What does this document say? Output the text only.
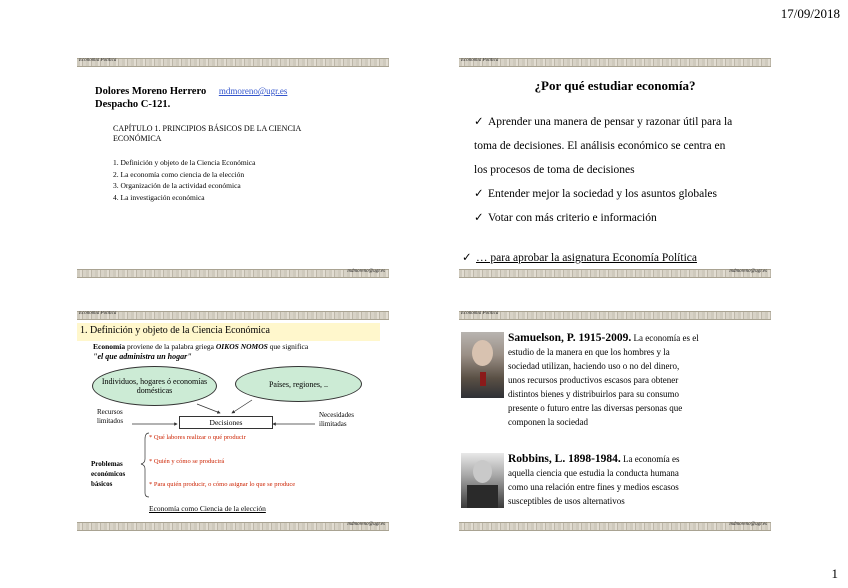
17/09/2018
1
Economía Política
Dolores Moreno Herrero mdmoreno@ugr.es
Despacho C-121.
CAPÍTULO 1. PRINCIPIOS BÁSICOS DE LA CIENCIA
ECONÓMICA
1. Definición y objeto de la Ciencia Económica
2. La economía como ciencia de la elección
3. Organización de la actividad económica
4. La investigación económica
mdmoreno@ugr.es
Economía Política
¿Por qué estudiar economía?
✓ Aprender una manera de pensar y razonar útil para la
toma de decisiones. El análisis económico se centra en
los procesos de toma de decisiones
✓ Entender mejor la sociedad y los asuntos globales
✓ Votar con más criterio e información
✓ … para aprobar la asignatura Economía Política
mdmoreno@ugr.es
Economía Política
1. Definición y objeto de la Ciencia Económica
Economía proviene de la palabra griega OIKOS NOMOS que significa
"el que administra un hogar"
Individuos, hogares ó economías domésticas
Países, regiones, ..
Decisiones
Recursos limitados
Necesidades ilimitadas
Problemas económicos básicos
* Qué labores realizar o qué producir
* Quién y cómo se producirá
* Para quién producir, o cómo asignar lo que se produce
Economía como Ciencia de la elección
mdmoreno@ugr.es
Economía Política
Samuelson, P. 1915-2009. La economía es el
estudio de la manera en que los hombres y la
sociedad utilizan, haciendo uso o no del dinero,
unos recursos productivos escasos para obtener
distintos bienes y distribuirlos para su consumo
presente o futuro entre las diversas personas que
componen la sociedad
Robbins, L. 1898-1984. La economía es
aquella ciencia que estudia la conducta humana
como una relación entre fines y medios escasos
susceptibles de usos alternativos
mdmoreno@ugr.es
